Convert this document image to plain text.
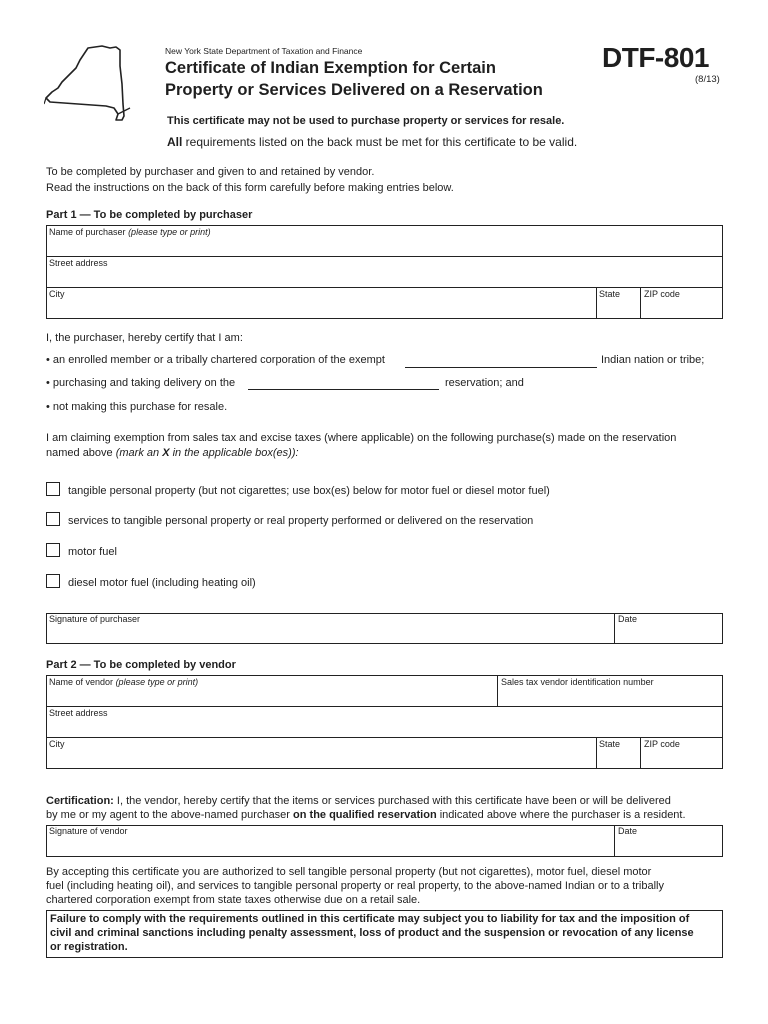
New York State Department of Taxation and Finance
Certificate of Indian Exemption for Certain
Property or Services Delivered on a Reservation
DTF-801
(8/13)
This certificate may not be used to purchase property or services for resale.
All requirements listed on the back must be met for this certificate to be valid.
To be completed by purchaser and given to and retained by vendor.
Read the instructions on the back of this form carefully before making entries below.
Part 1 — To be completed by purchaser
Name of purchaser (please type or print)
Street address
City	State	ZIP code
I, the purchaser, hereby certify that I am:
• an enrolled member or a tribally chartered corporation of the exempt	Indian nation or tribe;
• purchasing and taking delivery on the	reservation; and
• not making this purchase for resale.
I am claiming exemption from sales tax and excise taxes (where applicable) on the following purchase(s) made on the reservation
named above (mark an X in the applicable box(es)):
tangible personal property (but not cigarettes; use box(es) below for motor fuel or diesel motor fuel)
services to tangible personal property or real property performed or delivered on the reservation
motor fuel
diesel motor fuel (including heating oil)
Signature of purchaser	Date
Part 2 — To be completed by vendor
Name of vendor (please type or print)	Sales tax vendor identification number
Street address
City	State	ZIP code
Certification: I, the vendor, hereby certify that the items or services purchased with this certificate have been or will be delivered
by me or my agent to the above-named purchaser on the qualified reservation indicated above where the purchaser is a resident.
Signature of vendor	Date
By accepting this certificate you are authorized to sell tangible personal property (but not cigarettes), motor fuel, diesel motor
fuel (including heating oil), and services to tangible personal property or real property, to the above-named Indian or to a tribally
chartered corporation exempt from state taxes otherwise due on a retail sale.
Failure to comply with the requirements outlined in this certificate may subject you to liability for tax and the imposition of
civil and criminal sanctions including penalty assessment, loss of product and the suspension or revocation of any license
or registration.
